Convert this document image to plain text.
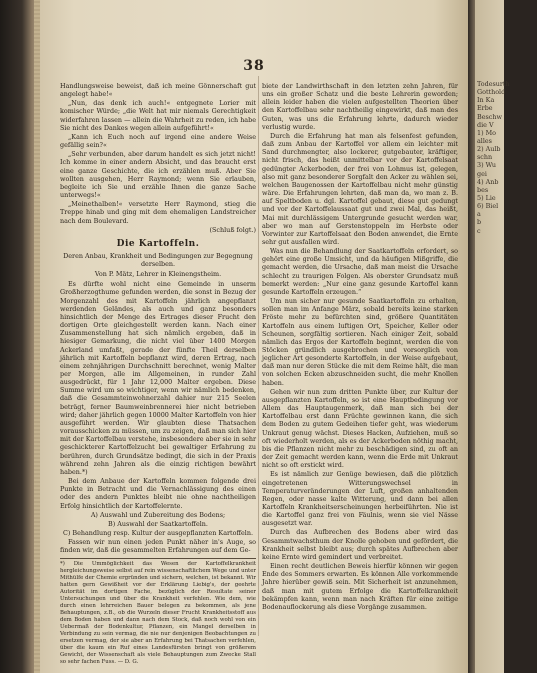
38

Handlungsweise beweist, daß ich meine Gönnerschaft gut angelegt habe!«

„Nun, das denk ich auch!« entgegnete Lorier mit komischer Würde; „die Welt hat mir niemals Gerechtigkeit widerfahren lassen — allein die Wahrheit zu reden, ich habe Sie nicht des Dankes wegen allein aufgeführt!«

„Kann ich Euch noch auf irgend eine andere Weise gefällig sein?«

„Sehr verbunden, aber darum handelt es sich jetzt nicht! Ich komme in einer andern Absicht, und das braucht erst eine ganze Geschichte, die ich erzählen muß. Aber Sie wollten ausgehen, Herr Raymond; wenn Sie erlauben, begleite ich Sie und erzähle Ihnen die ganze Sache unterwegs!«

„Meinethalben!« versetzte Herr Raymond, stieg die Treppe hinab und ging mit dem ehemaligen Landstreicher nach dem Boulevard.

(Schluß folgt.)

Die Kartoffeln.
Deren Anbau, Krankheit und Bedingungen zur Begegnung derselben.
Von P. Mätz, Lehrer in Kleinengstheim.

Es dürfte wohl nicht eine Gemeinde in unserm Großherzogthume gefunden werden, die sonst in Bezug der Morgenzahl des mit Kartoffeln jährlich angepflanzt werdenden Geländes, als auch und ganz besonders hinsichtlich der Menge des Ertrages dieser Frucht den dortigen Orte gleichgestellt werden kann. Nach einer Zusammenstellung hat sich nämlich ergeben, daß in hiesiger Gemarkung, die nicht viel über 1400 Morgen Ackerland umfaßt, gerade der fünfte Theil derselben jährlich mit Kartoffeln bepflanzt wird, deren Ertrag, nach einem zehnjährigen Durchschnitt berechnet, wenig Malter per Morgen, alle im Allgemeinen, in runder Zahl ausgedrückt, für 1 Jahr 12,000 Malter ergeben. Diese Summe wird um so wichtiger, wenn wir nämlich bedenken, daß die Gesammteinwohnerzahl dahier nur 215 Seelen beträgt, ferner Baumweinbrennerei hier nicht betrieben wird; daher jährlich gegen 10000 Malter Kartoffeln von hier ausgeführt werden. Wir glaubten diese Thatsachen vorausschicken zu müssen, um zu zeigen, daß man sich hier mit der Kartoffelbau verstehe, insbesondere aber sie in sehr geschickterer Kartoffelzucht bei gewaltiger Erfahrung zu berühren, durch Grundsätze bedingt, die sich in der Praxis während zehn Jahren als die einzig richtigen bewährt haben.*)

Bei dem Anbaue der Kartoffeln kommen folgende drei Punkte in Betracht und die Vernachlässigung des einen oder des andern Punktes bleibt nie ohne nachtheiligen Erfolg hinsichtlich der Kartoffelernte.

A) Auswahl und Zubereitung des Bodens;

B) Auswahl der Saatkartoffeln.

C) Behandlung resp. Kultur der ausgepflanzten Kartoffeln.

Fassen wir nun einen jeden Punkt näher in's Auge, so finden wir, daß die gesammelten Erfahrungen auf dem Ge-

*) Die Ummöglichkeit das Wesen der Kartoffelkrankheit hergleichungsweise selbst auf rein wissenschaftlichem Wege und unter Mithülfe der Chemie ergründen und sichern, welchen, ist bekannt. Wir hatten gern Gewißheit vor der Erklärung Liebig's, der geehrte Autorität im dortigen Fache, bezüglich der Resultate seiner Untersuchungen und über die Krankheit verfehlen. Wie dem, wie durch einen lehrreichen Bauer belegen zu bekommen, als jene Behauptungen, z.B., ob die Wurzeln dieser Frucht Krankheitsstoff aus dem Boden haben und dann nach dem Stock, daß noch wohl von ein Uebermaß der Bodenkultur, Pflanzen, ein Mangel derselben in Verbindung zu sein vermag, die nie nur denjenigen Beobachtungen zu ersetzen vermag, der sie aber an Erfahrung bei Thatsachen verfehlen, über die kaum ein Ruf eines Landesfürsten bringt von größerem Gewicht, der Wissenschaft als viele Behauptungen zum Zwecke Stall so sehr fachen Fuss. — D. G.

biete der Landwirthschaft in den letzten zehn Jahren, für uns ein großer Schatz und die beste Lehrerin geworden; allein leider haben die vielen aufgestellten Theorien über den Kartoffelbau sehr nachtheilig eingewirkt, daß man des Guten, was uns die Erfahrung lehrte, dadurch wieder verlustig wurde.

Durch die Erfahrung hat man als felsenfest gefunden, daß zum Anbau der Kartoffel vor allem ein leichter mit Sand durchmengter, also lockerer, gutgebauter, kräftiger, nicht frisch, das heißt unmittelbar vor der Kartoffelsaat gedüngter Ackerboden, der frei von Lohmus ist, gelegen, also mit ganz besonderer Sorgfalt den Acker zu wählen sei, welchen Baugenossen der Kartoffelbau nicht mehr günstig wäre. Die Erfahrungen lehrten, daß man da, wo man z. B. auf Speltboden u. dgl. Kartoffel gebaut, diese gut gedungt und vor der Kartoffelaussaat gut und zwei Mal, das heißt, Mai mit durchlässigem Untergrunde gesucht werden war, aber wo man auf Gerstenstoppeln im Herbste oder Vorwinter zur Kartoffelsaat den Boden anwendet, die Ernte sehr gut ausfallen wird.

Was nun die Behandlung der Saatkartoffeln erfordert, so gehört eine große Umsicht, und da häufigen Mißgriffe, die gemacht werden, die Ursache, daß man meist die Ursache schlecht zu traurigen Folgen. Als oberster Grundsatz muß bemerkt werden: „Nur eine ganz gesunde Kartoffel kann gesunde Kartoffeln erzeugen.“

Um nun sicher nur gesunde Saatkartoffeln zu erhalten, sollen man im Anfange März, sobald bereits keine starken Fröste mehr zu befürchten sind, größere Quantitäten Kartoffeln aus einem luftigen Ort, Speicher, Keller oder Scheunen, sorgfältig sortieren. Nach einiger Zeit, sobald nämlich das Ergos der Kartoffeln beginnt, werden die von Stöcken gründlich ausgebrochen und vorsorglich von jeglicher Art gesonderte Kartoffeln, in der Weise aufgebaut, daß man nur deren Stücke die mit dem Reime hält, die man von solchen Ecken abzuschneiden sucht, die mehr Knollen haben.

Gehen wir nun zum dritten Punkte über, zur Kultur der ausgepflanzten Kartoffeln, so ist eine Hauptbedingung vor Allem das Hauptaugenmerk, daß man sich bei der Kartoffelbau erst dann Früchte gewinnen kann, die sich dem Boden zu gutem Gedeihen tiefer geht, was wiederum Unkraut genug wächst. Dieses Hacken, Aufziehen, muß so oft wiederholt werden, als es der Ackerboden nöthig macht, bis die Pflanzen nicht mehr zu beschädigen sind, zu oft an der Zeit gemacht werden kann, wenn die Erde mit Unkraut nicht so oft erstickt wird.

Es ist nämlich zur Genüge bewiesen, daß die plötzlich eingetretenen Witterungswechsel in Temperaturveränderungen der Luft, großen anhaltenden Regen, oder nasse kalte Witterung, und dann bei allen Kartoffeln Krankheitserscheinungen herbeiführten. Nie ist die Kartoffel ganz frei von Fäulnis, wenn sie viel Nässe ausgesetzt war.

Durch das Aufbrechen des Bodens aber wird das Gesammtwachsthum der Knolle gehoben und gefördert, die Krankheit selbst bleibt aus; durch spätes Aufbrechen aber keine Ernte wird gemindert und verbreitet.

Einen recht deutlichen Beweis hierfür können wir gegen Ende des Sommers erwarten. Es können Alle vorkommende Jahre hierüber gewiß sein. Mit Sicherheit ist anzunehmen, daß man mit gutem Erfolge die Kartoffelkrankheit bekämpfen kann, wenn man nach Kräften für eine zeitige Bodenauflockerung als diese Vorgänge zusammen.

Todesurth
Gotthold
In Ka
Erbe
Beschw
die V
1) Mo
alles
2) Aulb
schn
3) Wu
gei
4) Anb
bes
5) Lie
6) Biel
a
b
c
